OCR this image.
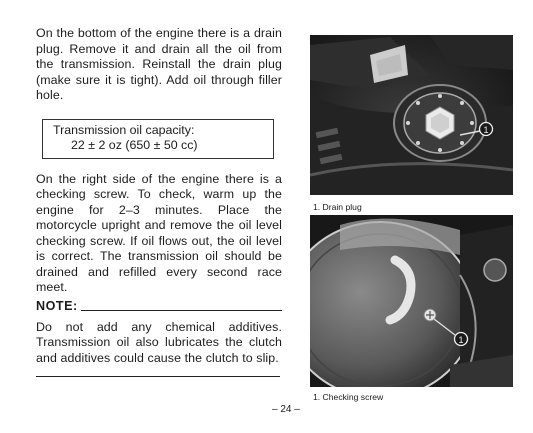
On the bottom of the engine there is a drain plug. Remove it and drain all the oil from the transmission. Reinstall the drain plug (make sure it is tight). Add oil through filler hole.

Transmission oil capacity:
22 ± 2 oz (650 ± 50 cc)

On the right side of the engine there is a checking screw. To check, warm up the engine for 2–3 minutes. Place the motorcycle upright and remove the oil level checking screw. If oil flows out, the oil level is correct. The transmission oil should be drained and refilled every second race meet.

NOTE:

Do not add any chemical additives. Transmission oil also lubricates the clutch and additives could cause the clutch to slip.

1
1. Drain plug
1
1. Checking screw
– 24 –
